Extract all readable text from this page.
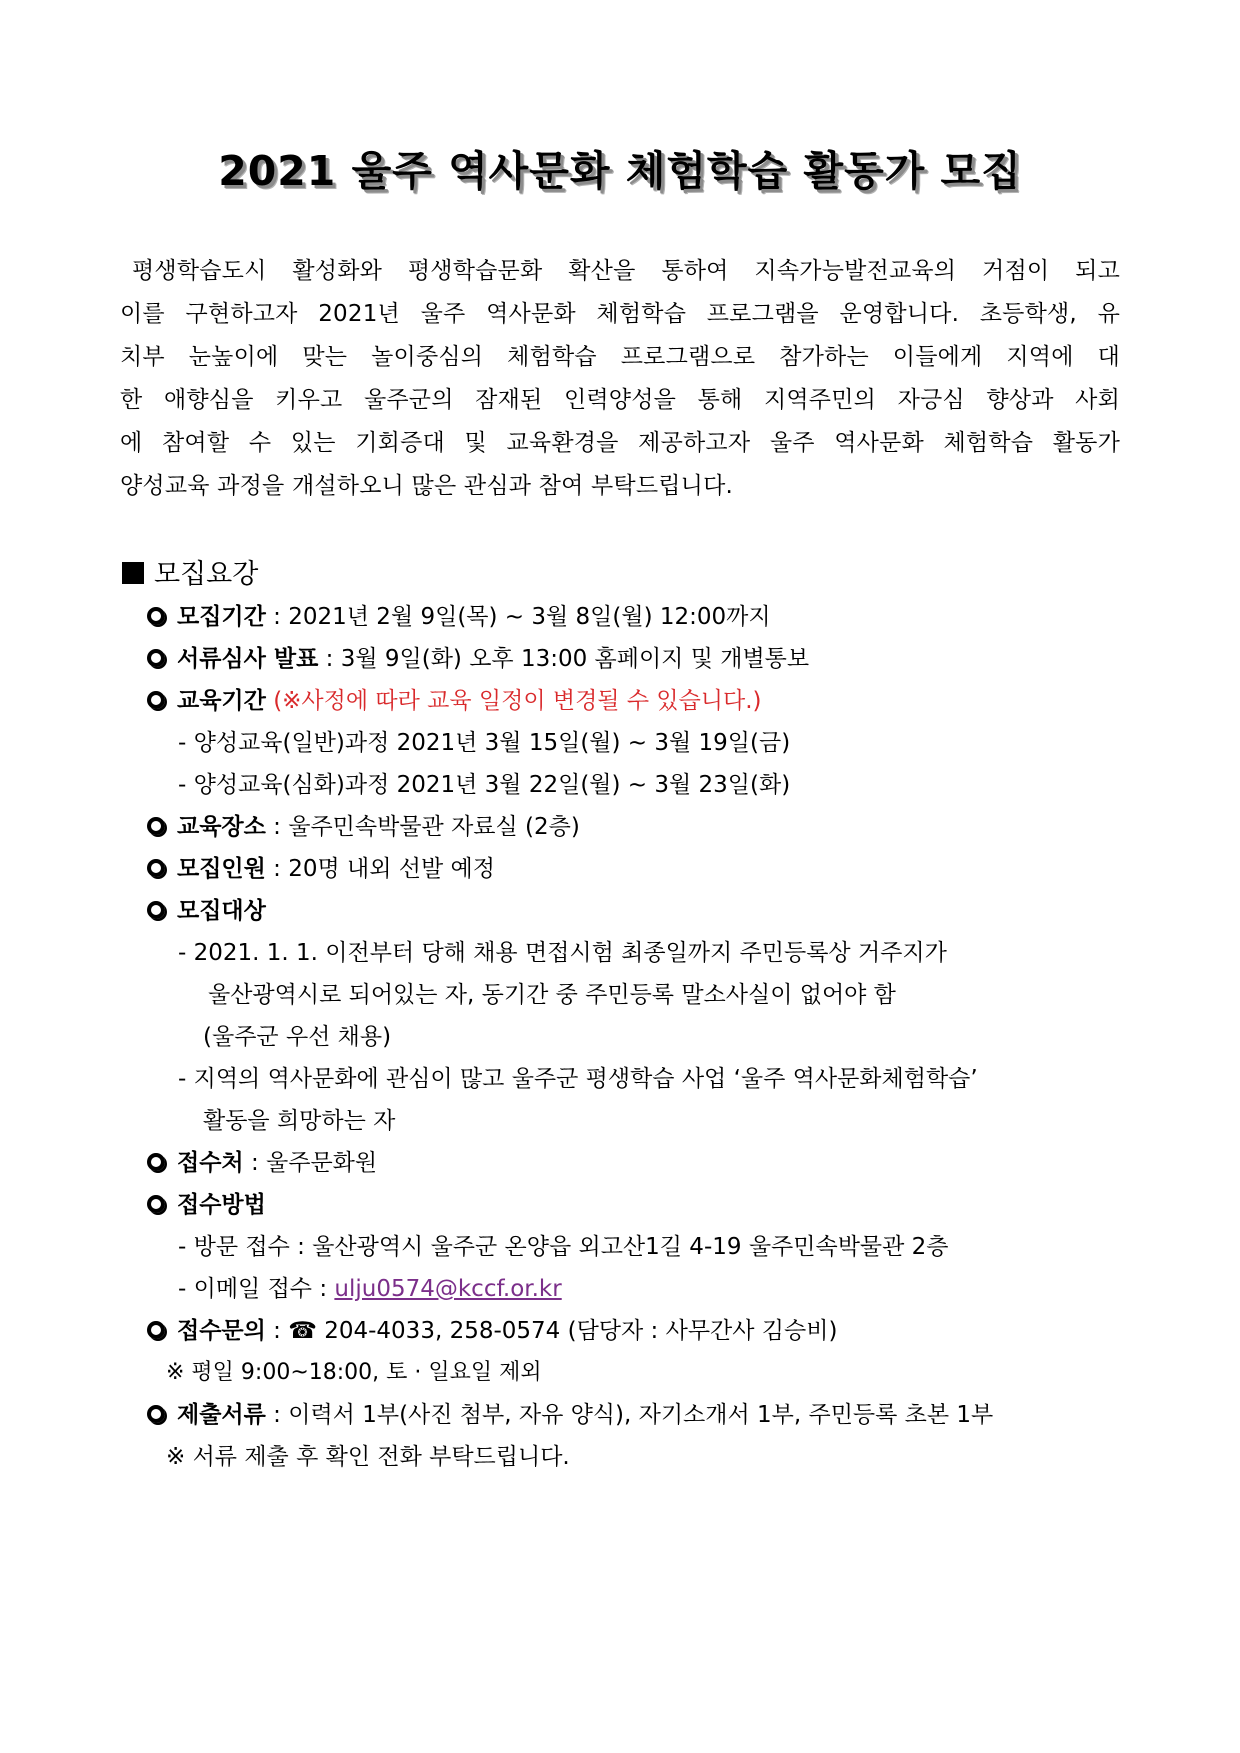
2021 울주 역사문화 체험학습 활동가 모집
평생학습도시 활성화와 평생학습문화 확산을 통하여 지속가능발전교육의 거점이 되고
이를 구현하고자 2021년 울주 역사문화 체험학습 프로그램을 운영합니다. 초등학생, 유
치부 눈높이에 맞는 놀이중심의 체험학습 프로그램으로 참가하는 이들에게 지역에 대
한 애향심을 키우고 울주군의 잠재된 인력양성을 통해 지역주민의 자긍심 향상과 사회
에 참여할 수 있는 기회증대 및 교육환경을 제공하고자 울주 역사문화 체험학습 활동가
양성교육 과정을 개설하오니 많은 관심과 참여 부탁드립니다.
모집요강
모집기간 : 2021년 2월 9일(목) ~ 3월 8일(월) 12:00까지
서류심사 발표 : 3월 9일(화) 오후 13:00 홈페이지 및 개별통보
교육기간 (※사정에 따라 교육 일정이 변경될 수 있습니다.)
- 양성교육(일반)과정 2021년 3월 15일(월) ~ 3월 19일(금)
- 양성교육(심화)과정 2021년 3월 22일(월) ~ 3월 23일(화)
교육장소 : 울주민속박물관 자료실 (2층)
모집인원 : 20명 내외 선발 예정
모집대상
- 2021. 1. 1. 이전부터 당해 채용 면접시험 최종일까지 주민등록상 거주지가
울산광역시로 되어있는 자, 동기간 중 주민등록 말소사실이 없어야 함
(울주군 우선 채용)
- 지역의 역사문화에 관심이 많고 울주군 평생학습 사업 ‘울주 역사문화체험학습’
활동을 희망하는 자
접수처 : 울주문화원
접수방법
- 방문 접수 : 울산광역시 울주군 온양읍 외고산1길 4-19 울주민속박물관 2층
- 이메일 접수 : ulju0574@kccf.or.kr
접수문의 : ☎ 204-4033, 258-0574 (담당자 : 사무간사 김승비)
※ 평일 9:00~18:00, 토 · 일요일 제외
제출서류 : 이력서 1부(사진 첨부, 자유 양식), 자기소개서 1부, 주민등록 초본 1부
※ 서류 제출 후 확인 전화 부탁드립니다.
